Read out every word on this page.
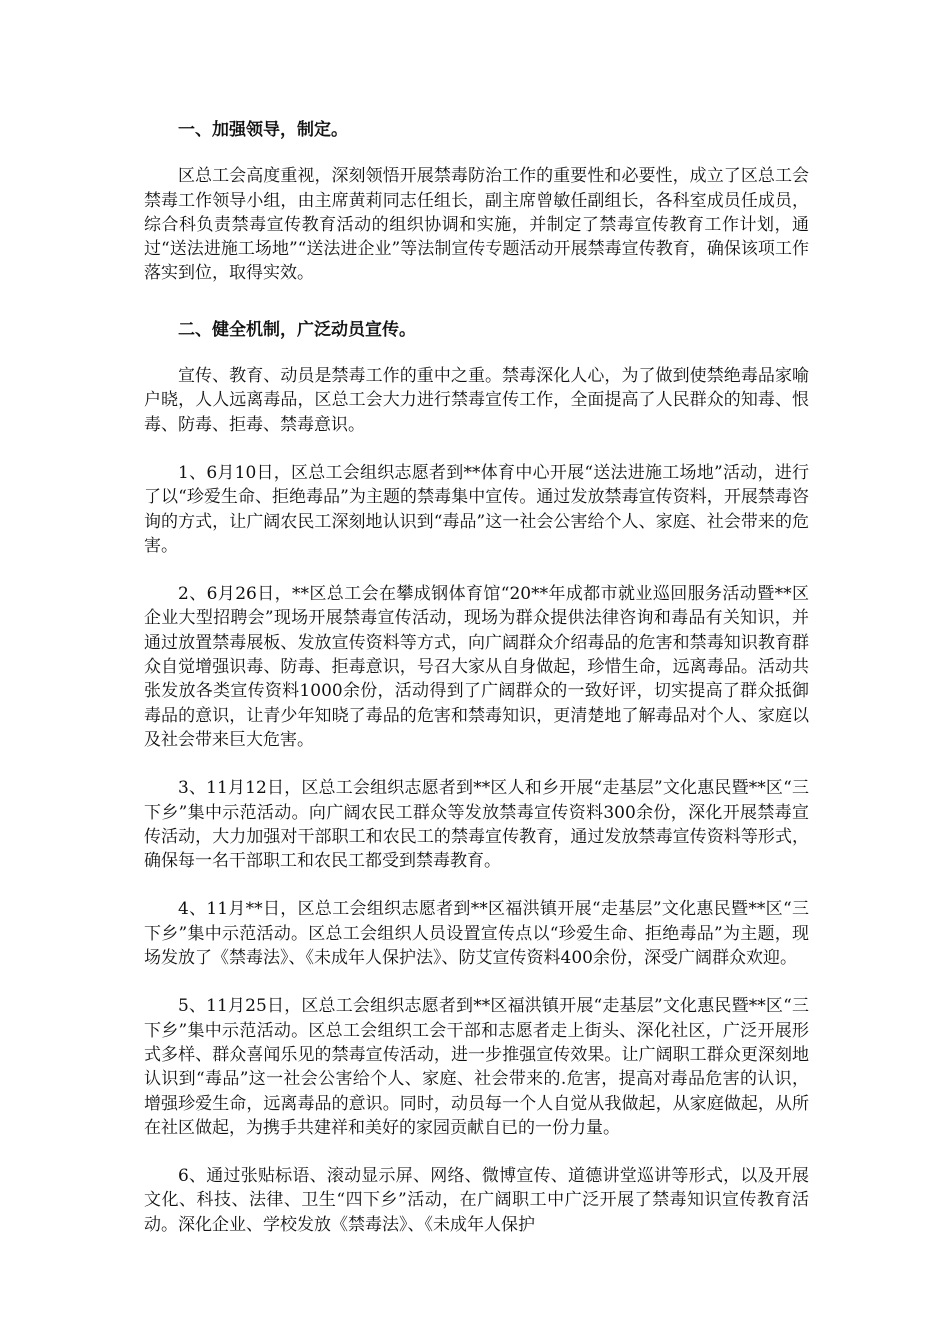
一、加强领导，制定。

区总工会高度重视，深刻领悟开展禁毒防治工作的重要性和必要性，成立了区总工会禁毒工作领导小组，由主席黄莉同志任组长，副主席曾敏任副组长，各科室成员任成员，综合科负责禁毒宣传教育活动的组织协调和实施，并制定了禁毒宣传教育工作计划，通过“送法进施工场地”“送法进企业”等法制宣传专题活动开展禁毒宣传教育，确保该项工作落实到位，取得实效。

二、健全机制，广泛动员宣传。

宣传、教育、动员是禁毒工作的重中之重。禁毒深化人心，为了做到使禁绝毒品家喻户晓，人人远离毒品，区总工会大力进行禁毒宣传工作，全面提高了人民群众的知毒、恨毒、防毒、拒毒、禁毒意识。

1、6月10日，区总工会组织志愿者到**体育中心开展“送法进施工场地”活动，进行了以“珍爱生命、拒绝毒品”为主题的禁毒集中宣传。通过发放禁毒宣传资料，开展禁毒咨询的方式，让广阔农民工深刻地认识到“毒品”这一社会公害给个人、家庭、社会带来的危害。

2、6月26日，**区总工会在攀成钢体育馆“20**年成都市就业巡回服务活动暨**区企业大型招聘会”现场开展禁毒宣传活动，现场为群众提供法律咨询和毒品有关知识，并通过放置禁毒展板、发放宣传资料等方式，向广阔群众介绍毒品的危害和禁毒知识教育群众自觉增强识毒、防毒、拒毒意识，号召大家从自身做起，珍惜生命，远离毒品。活动共张发放各类宣传资料1000余份，活动得到了广阔群众的一致好评，切实提高了群众抵御毒品的意识，让青少年知晓了毒品的危害和禁毒知识，更清楚地了解毒品对个人、家庭以及社会带来巨大危害。

3、11月12日，区总工会组织志愿者到**区人和乡开展“走基层”文化惠民暨**区“三下乡”集中示范活动。向广阔农民工群众等发放禁毒宣传资料300余份，深化开展禁毒宣传活动，大力加强对干部职工和农民工的禁毒宣传教育，通过发放禁毒宣传资料等形式，确保每一名干部职工和农民工都受到禁毒教育。

4、11月**日，区总工会组织志愿者到**区福洪镇开展“走基层”文化惠民暨**区“三下乡”集中示范活动。区总工会组织人员设置宣传点以“珍爱生命、拒绝毒品”为主题，现场发放了《禁毒法》、《未成年人保护法》、防艾宣传资料400余份，深受广阔群众欢迎。

5、11月25日，区总工会组织志愿者到**区福洪镇开展“走基层”文化惠民暨**区“三下乡”集中示范活动。区总工会组织工会干部和志愿者走上街头、深化社区，广泛开展形式多样、群众喜闻乐见的禁毒宣传活动，进一步推强宣传效果。让广阔职工群众更深刻地认识到“毒品”这一社会公害给个人、家庭、社会带来的.危害，提高对毒品危害的认识，增强珍爱生命，远离毒品的意识。同时，动员每一个人自觉从我做起，从家庭做起，从所在社区做起，为携手共建祥和美好的家园贡献自已的一份力量。

6、通过张贴标语、滚动显示屏、网络、微博宣传、道德讲堂巡讲等形式，以及开展文化、科技、法律、卫生“四下乡”活动，在广阔职工中广泛开展了禁毒知识宣传教育活动。深化企业、学校发放《禁毒法》、《未成年人保护
